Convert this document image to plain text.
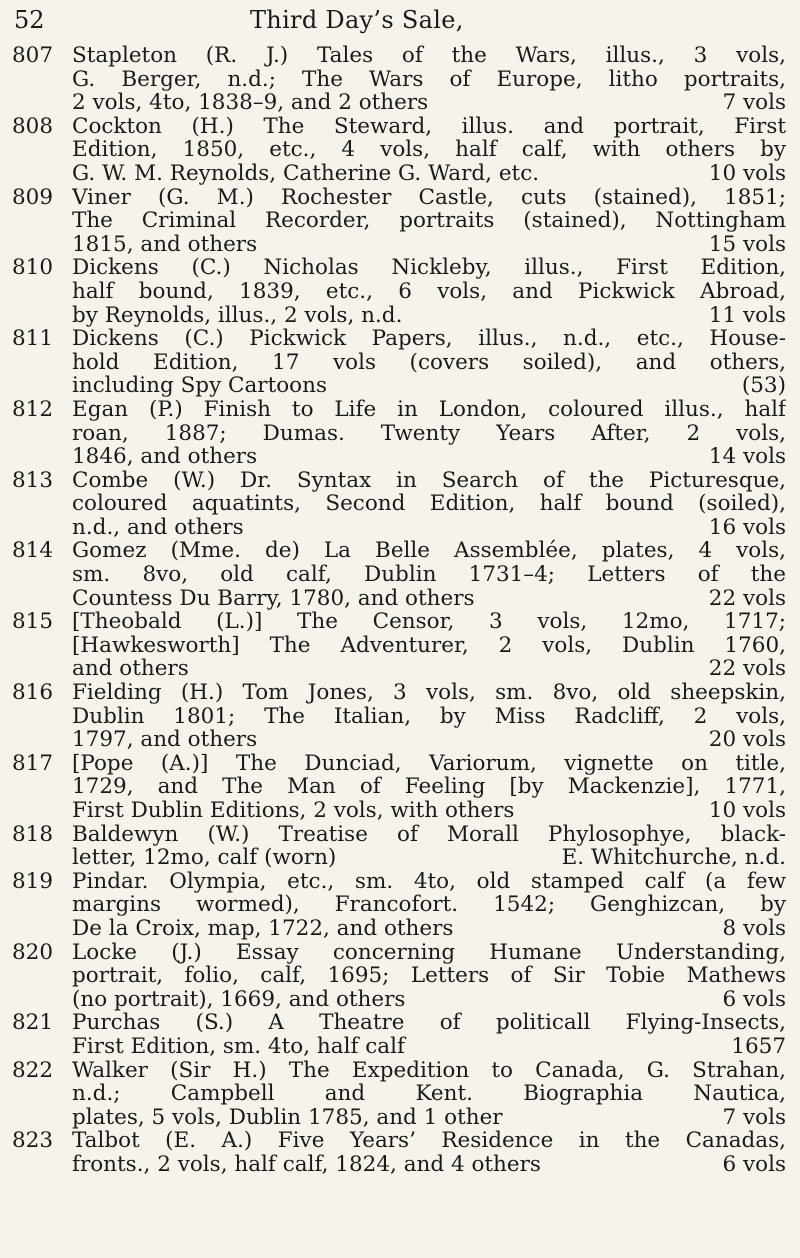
52	Third Day’s Sale,
807 Stapleton (R. J.) Tales of the Wars, illus., 3 vols,
G. Berger, n.d.; The Wars of Europe, litho portraits,
2 vols, 4to, 1838–9, and 2 others	7 vols
808 Cockton (H.) The Steward, illus. and portrait, First
Edition, 1850, etc., 4 vols, half calf, with others by
G. W. M. Reynolds, Catherine G. Ward, etc.	10 vols
809 Viner (G. M.) Rochester Castle, cuts (stained), 1851;
The Criminal Recorder, portraits (stained), Nottingham
1815, and others	15 vols
810 Dickens (C.) Nicholas Nickleby, illus., First Edition,
half bound, 1839, etc., 6 vols, and Pickwick Abroad,
by Reynolds, illus., 2 vols, n.d.	11 vols
811 Dickens (C.) Pickwick Papers, illus., n.d., etc., House-
hold Edition, 17 vols (covers soiled), and others,
including Spy Cartoons	(53)
812 Egan (P.) Finish to Life in London, coloured illus., half
roan, 1887; Dumas. Twenty Years After, 2 vols,
1846, and others	14 vols
813 Combe (W.) Dr. Syntax in Search of the Picturesque,
coloured aquatints, Second Edition, half bound (soiled),
n.d., and others	16 vols
814 Gomez (Mme. de) La Belle Assemblée, plates, 4 vols,
sm. 8vo, old calf, Dublin 1731–4; Letters of the
Countess Du Barry, 1780, and others	22 vols
815 [Theobald (L.)] The Censor, 3 vols, 12mo, 1717;
[Hawkesworth] The Adventurer, 2 vols, Dublin 1760,
and others	22 vols
816 Fielding (H.) Tom Jones, 3 vols, sm. 8vo, old sheepskin,
Dublin 1801; The Italian, by Miss Radcliff, 2 vols,
1797, and others	20 vols
817 [Pope (A.)] The Dunciad, Variorum, vignette on title,
1729, and The Man of Feeling [by Mackenzie], 1771,
First Dublin Editions, 2 vols, with others	10 vols
818 Baldewyn (W.) Treatise of Morall Phylosophye, black-
letter, 12mo, calf (worn)	E. Whitchurche, n.d.
819 Pindar. Olympia, etc., sm. 4to, old stamped calf (a few
margins wormed), Francofort. 1542; Genghizcan, by
De la Croix, map, 1722, and others	8 vols
820 Locke (J.) Essay concerning Humane Understanding,
portrait, folio, calf, 1695; Letters of Sir Tobie Mathews
(no portrait), 1669, and others	6 vols
821 Purchas (S.) A Theatre of politicall Flying-Insects,
First Edition, sm. 4to, half calf	1657
822 Walker (Sir H.) The Expedition to Canada, G. Strahan,
n.d.; Campbell and Kent. Biographia Nautica,
plates, 5 vols, Dublin 1785, and 1 other	7 vols
823 Talbot (E. A.) Five Years’ Residence in the Canadas,
fronts., 2 vols, half calf, 1824, and 4 others	6 vols
